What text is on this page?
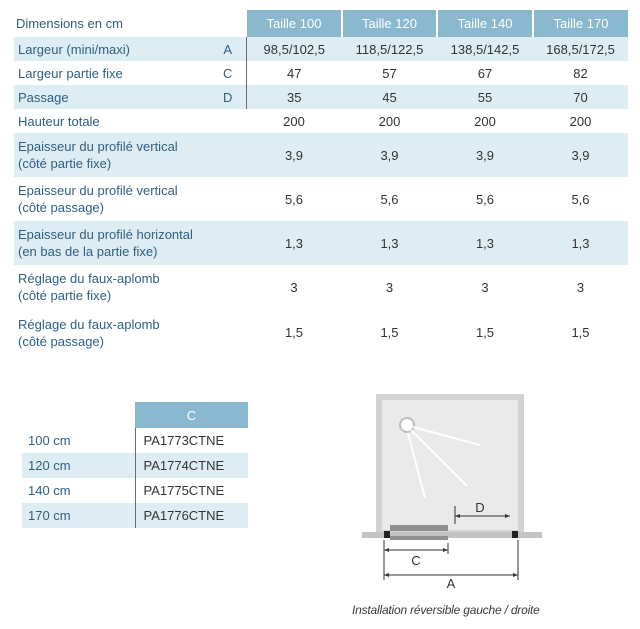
Dimensions en cm		Taille 100	Taille 120	Taille 140	Taille 170
Largeur (mini/maxi)	A	98,5/102,5	118,5/122,5	138,5/142,5	168,5/172,5
Largeur partie fixe	C	47	57	67	82
Passage	D	35	45	55	70
Hauteur totale		200	200	200	200
Epaisseur du profilé vertical
(côté partie fixe)		3,9	3,9	3,9	3,9
Epaisseur du profilé vertical
(côté passage)		5,6	5,6	5,6	5,6
Epaisseur du profilé horizontal
(en bas de la partie fixe)		1,3	1,3	1,3	1,3
Réglage du faux-aplomb
(côté partie fixe)		3	3	3	3
Réglage du faux-aplomb
(côté passage)		1,5	1,5	1,5	1,5
	C
100 cm	PA1773CTNE
120 cm	PA1774CTNE
140 cm	PA1775CTNE
170 cm	PA1776CTNE
D
C
A
Installation réversible gauche / droite
